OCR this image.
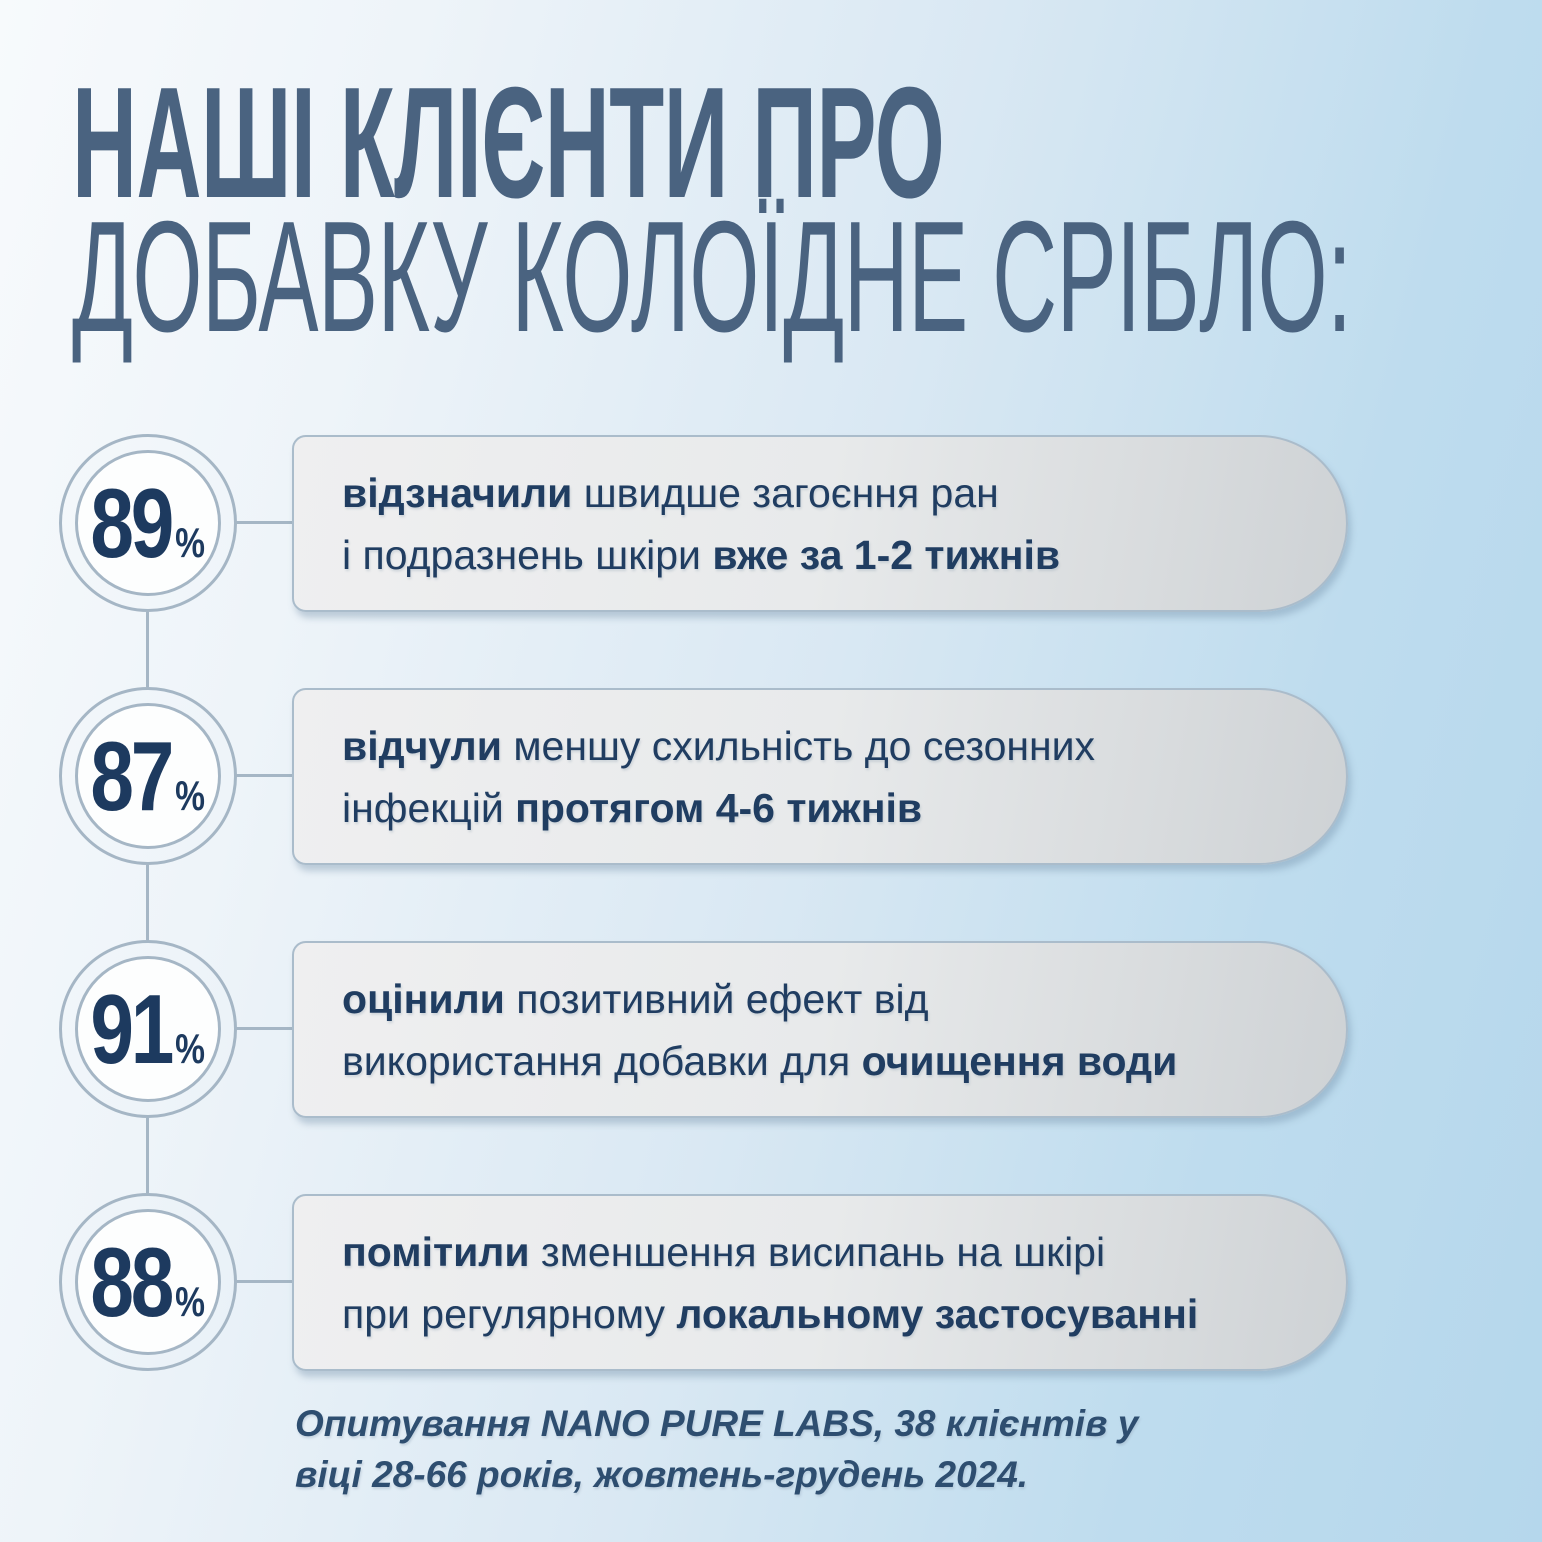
НАШІ КЛІЄНТИ ПРО
ДОБАВКУ КОЛОЇДНЕ СРІБЛО:
89 %
відзначили швидше загоєння ран
і подразнень шкіри вже за 1-2 тижнів
87 %
відчули меншу схильність до сезонних
інфекцій протягом 4-6 тижнів
91 %
оцінили позитивний ефект від
використання добавки для очищення води
88 %
помітили зменшення висипань на шкірі
при регулярному локальному застосуванні
Опитування NANO PURE LABS, 38 клієнтів у
віці 28-66 років, жовтень-грудень 2024.
